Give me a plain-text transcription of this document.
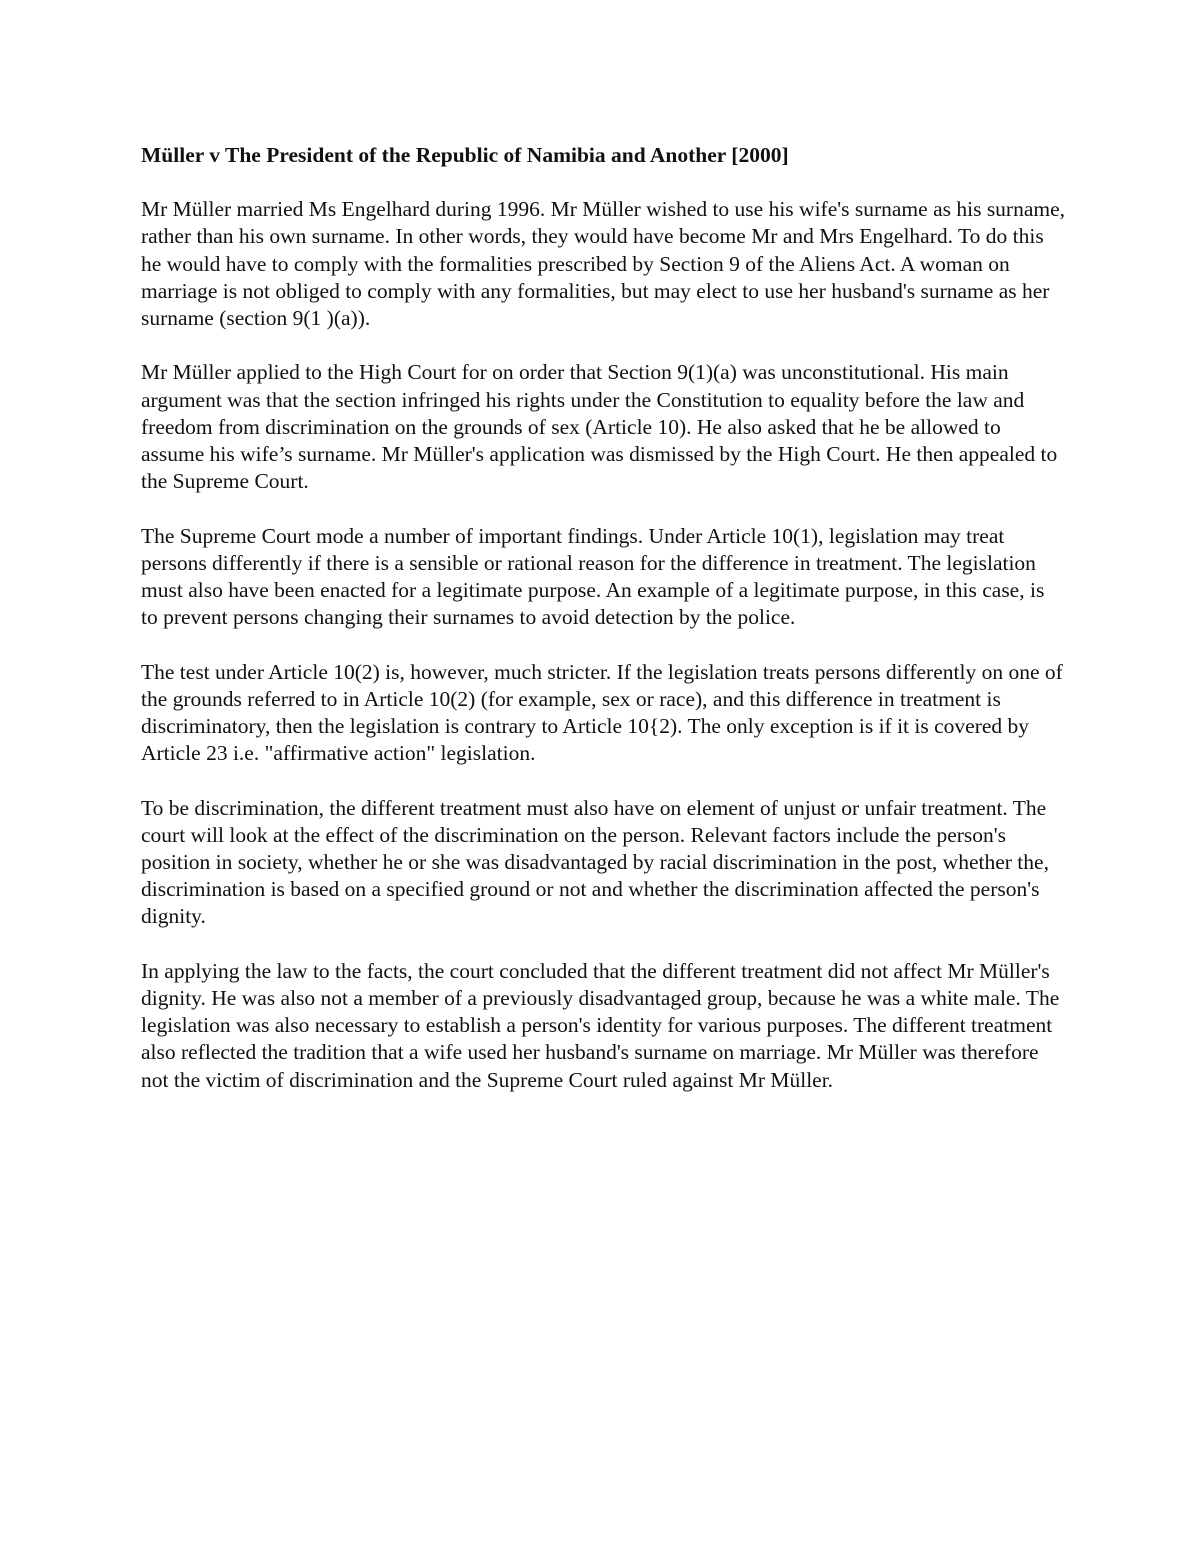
Müller v The President of the Republic of Namibia and Another [2000]

Mr Müller married Ms Engelhard during 1996. Mr Müller wished to use his wife's surname as his surname, rather than his own surname. In other words, they would have become Mr and Mrs Engelhard. To do this he would have to comply with the formalities prescribed by Section 9 of the Aliens Act. A woman on marriage is not obliged to comply with any formalities, but may elect to use her husband's surname as her surname (section 9(1 )(a)).

Mr Müller applied to the High Court for on order that Section 9(1)(a) was unconstitutional. His main argument was that the section infringed his rights under the Constitution to equality before the law and freedom from discrimination on the grounds of sex (Article 10). He also asked that he be allowed to assume his wife’s surname. Mr Müller's application was dismissed by the High Court. He then appealed to the Supreme Court.

The Supreme Court mode a number of important findings. Under Article 10(1), legislation may treat persons differently if there is a sensible or rational reason for the difference in treatment. The legislation must also have been enacted for a legitimate purpose. An example of a legitimate purpose, in this case, is to prevent persons changing their surnames to avoid detection by the police.

The test under Article 10(2) is, however, much stricter. If the legislation treats persons differently on one of the grounds referred to in Article 10(2) (for example, sex or race), and this difference in treatment is discriminatory, then the legislation is contrary to Article 10{2). The only exception is if it is covered by Article 23 i.e. "affirmative action" legislation.

To be discrimination, the different treatment must also have on element of unjust or unfair treatment. The court will look at the effect of the discrimination on the person. Relevant factors include the person's position in society, whether he or she was disadvantaged by racial discrimination in the post, whether the, discrimination is based on a specified ground or not and whether the discrimination affected the person's dignity.

In applying the law to the facts, the court concluded that the different treatment did not affect Mr Müller's dignity. He was also not a member of a previously disadvantaged group, because he was a white male. The legislation was also necessary to establish a person's identity for various purposes. The different treatment also reflected the tradition that a wife used her husband's surname on marriage. Mr Müller was therefore not the victim of discrimination and the Supreme Court ruled against Mr Müller.
